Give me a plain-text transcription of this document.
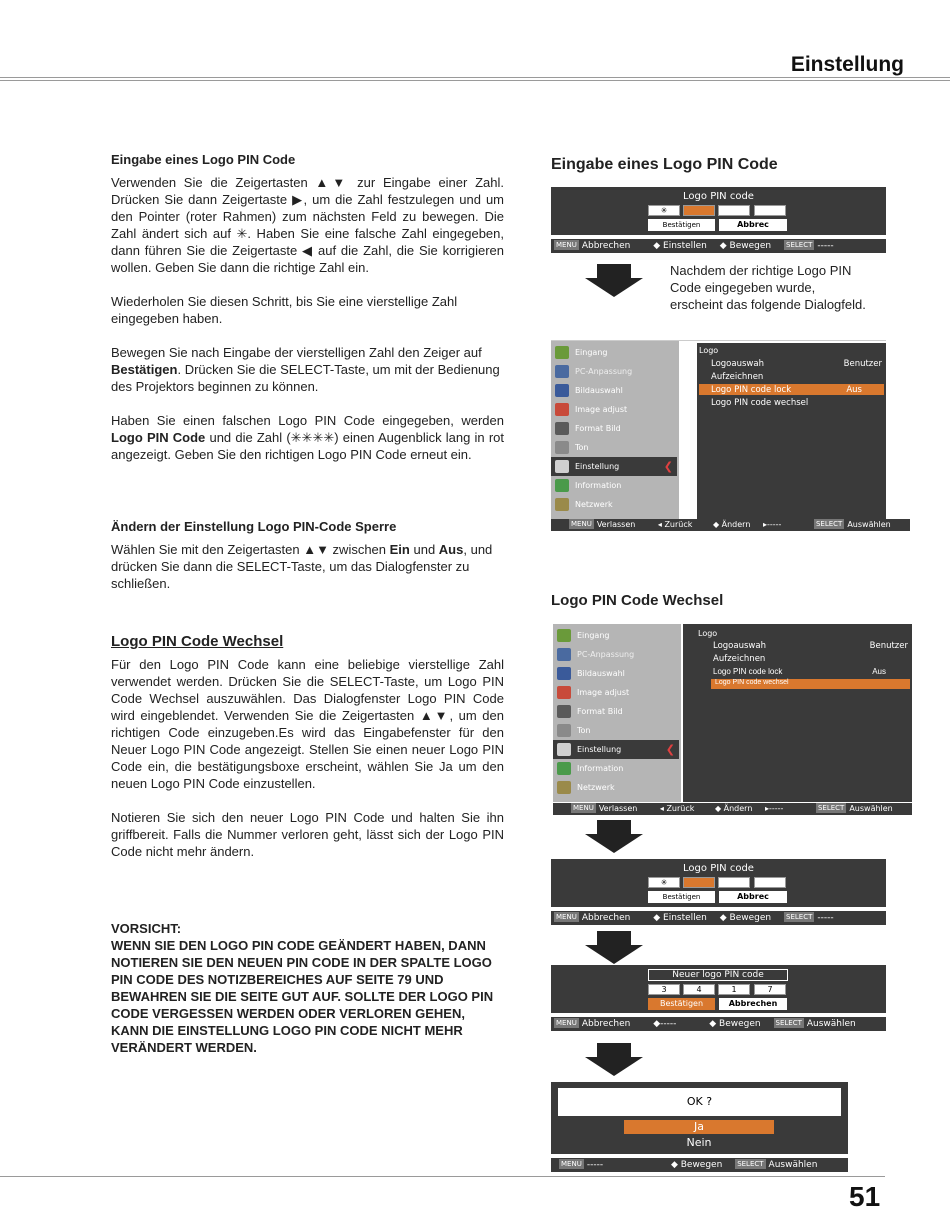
Einstellung
Eingabe eines Logo PIN Code

Verwenden Sie die Zeigertasten ▲▼ zur Eingabe einer Zahl. Drücken Sie dann Zeigertaste ▶, um die Zahl festzulegen und um den Pointer (roter Rahmen) zum nächsten Feld zu bewegen. Die Zahl ändert sich auf ✳. Haben Sie eine falsche Zahl eingegeben, dann führen Sie die Zeigertaste ◀ auf die Zahl, die Sie korrigieren wollen. Geben Sie dann die richtige Zahl ein.

Wiederholen Sie diesen Schritt, bis Sie eine vierstellige Zahl eingegeben haben.

Bewegen Sie nach Eingabe der vierstelligen Zahl den Zeiger auf Bestätigen. Drücken Sie die SELECT-Taste, um mit der Bedienung des Projektors beginnen zu können.

Haben Sie einen falschen Logo PIN Code eingegeben, werden Logo PIN Code und die Zahl (✳✳✳✳) einen Augenblick lang in rot angezeigt. Geben Sie den richtigen Logo PIN Code erneut ein.

Ändern der Einstellung Logo PIN-Code Sperre

Wählen Sie mit den Zeigertasten ▲▼ zwischen Ein und Aus, und drücken Sie dann die SELECT-Taste, um das Dialogfenster zu schließen.

Logo PIN Code Wechsel

Für den Logo PIN Code kann eine beliebige vierstellige Zahl verwendet werden. Drücken Sie die SELECT-Taste, um Logo PIN Code Wechsel auszuwählen. Das Dialogfenster Logo PIN Code wird eingeblendet. Verwenden Sie die Zeigertasten ▲▼, um den richtigen Code einzugeben.Es wird das Eingabefenster für den Neuer Logo PIN Code angezeigt. Stellen Sie einen neuer Logo PIN Code ein, die bestätigungsboxe erscheint, wählen Sie Ja um den neuen Logo PIN Code einzustellen.

Notieren Sie sich den neuer Logo PIN Code und halten Sie ihn griffbereit. Falls die Nummer verloren geht, lässt sich der Logo PIN Code nicht mehr ändern.

VORSICHT:
WENN SIE DEN LOGO PIN CODE GEÄNDERT HABEN, DANN NOTIEREN SIE DEN NEUEN PIN CODE IN DER SPALTE LOGO PIN CODE DES NOTIZBEREICHES AUF SEITE 79 UND BEWAHREN SIE DIE SEITE GUT AUF. SOLLTE DER LOGO PIN CODE VERGESSEN WERDEN ODER VERLOREN GEHEN, KANN DIE EINSTELLUNG LOGO PIN CODE NICHT MEHR VERÄNDERT WERDEN.
Eingabe eines Logo PIN Code
Logo PIN code
✳
Bestätigen	Abbrec
MENU Abbrechen	◆ Einstellen ◆ Bewegen SELECT -----
Nachdem der richtige Logo PIN Code eingegeben wurde, erscheint das folgende Dialogfeld.
Eingang
PC-Anpassung
Bildauswahl
Image adjust
Format Bild
Ton
Einstellung	❮
Information
Netzwerk
Logo
Logoauswah	Benutzer
Aufzeichnen
Logo PIN code lock	Aus
Logo PIN code wechsel
MENU Verlassen	◂ Zurück	◆ Ändern ▸-----	SELECT Auswählen
Logo PIN Code Wechsel
Eingang
PC-Anpassung
Bildauswahl
Image adjust
Format Bild
Ton
Einstellung	❮
Information
Netzwerk
Logo
Logoauswah	Benutzer
Aufzeichnen
Logo PIN code lock	Aus
Logo PIN code wechsel
MENU Verlassen	◂ Zurück	◆ Ändern ▸-----	SELECT Auswählen
Logo PIN code
✳
Bestätigen	Abbrec
MENU Abbrechen	◆ Einstellen ◆ Bewegen SELECT -----
Neuer logo PIN code
3	4	1	7
Bestätigen	Abbrechen
MENU Abbrechen	◆-----	◆ Bewegen SELECT Auswählen
OK ?
Ja
Nein
MENU -----	◆ Bewegen SELECT Auswählen
51
